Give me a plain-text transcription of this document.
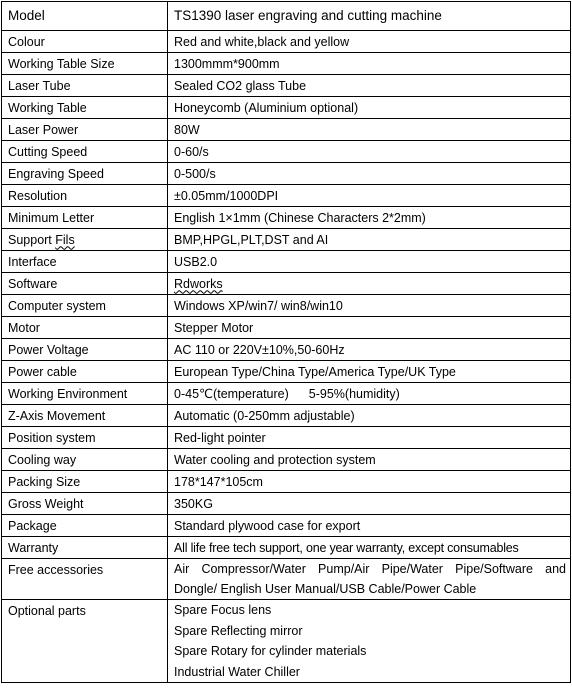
Model	TS1390 laser engraving and cutting machine
Colour	Red and white,black and yellow
Working Table Size	1300mmm*900mm
Laser Tube	Sealed CO2 glass Tube
Working Table	Honeycomb (Aluminium optional)
Laser Power	80W
Cutting Speed	0-60/s
Engraving Speed	0-500/s
Resolution	±0.05mm/1000DPI
Minimum Letter	English 1×1mm (Chinese Characters 2*2mm)
Support Fils	BMP,HPGL,PLT,DST and AI
Interface	USB2.0
Software	Rdworks
Computer system	Windows XP/win7/ win8/win10
Motor	Stepper Motor
Power Voltage	AC 110 or 220V±10%,50-60Hz
Power cable	European Type/China Type/America Type/UK Type
Working Environment	0-45℃(temperature) 5-95%(humidity)
Z-Axis Movement	Automatic (0-250mm adjustable)
Position system	Red-light pointer
Cooling way	Water cooling and protection system
Packing Size	178*147*105cm
Gross Weight	350KG
Package	Standard plywood case for export
Warranty	All life free tech support, one year warranty, except consumables
Free accessories	Air Compressor/Water Pump/Air Pipe/Water Pipe/Software and
Dongle/ English User Manual/USB Cable/Power Cable

Optional parts	Spare Focus lens
Spare Reflecting mirror
Spare Rotary for cylinder materials
Industrial Water Chiller
